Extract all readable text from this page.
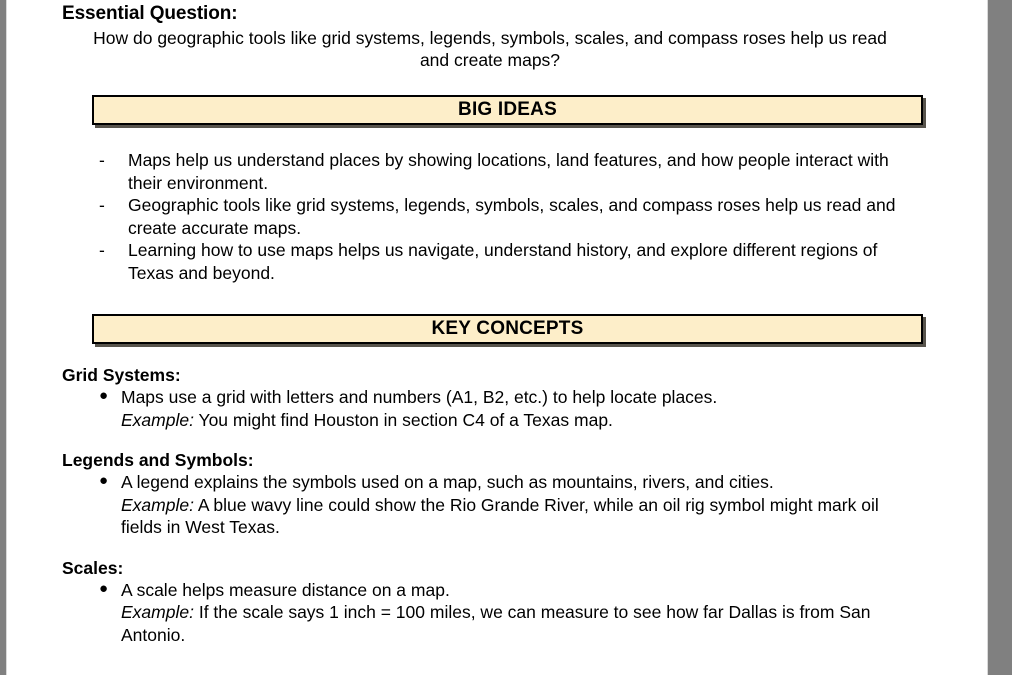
Essential Question:

How do geographic tools like grid systems, legends, symbols, scales, and compass roses help us read and create maps?

BIG IDEAS
- Maps help us understand places by showing locations, land features, and how people interact with their environment.
- Geographic tools like grid systems, legends, symbols, scales, and compass roses help us read and create accurate maps.
- Learning how to use maps helps us navigate, understand history, and explore different regions of Texas and beyond.
KEY CONCEPTS
Grid Systems:
● Maps use a grid with letters and numbers (A1, B2, etc.) to help locate places.
Example: You might find Houston in section C4 of a Texas map.
Legends and Symbols:
● A legend explains the symbols used on a map, such as mountains, rivers, and cities.
Example: A blue wavy line could show the Rio Grande River, while an oil rig symbol might mark oil fields in West Texas.
Scales:
● A scale helps measure distance on a map.
Example: If the scale says 1 inch = 100 miles, we can measure to see how far Dallas is from San Antonio.
